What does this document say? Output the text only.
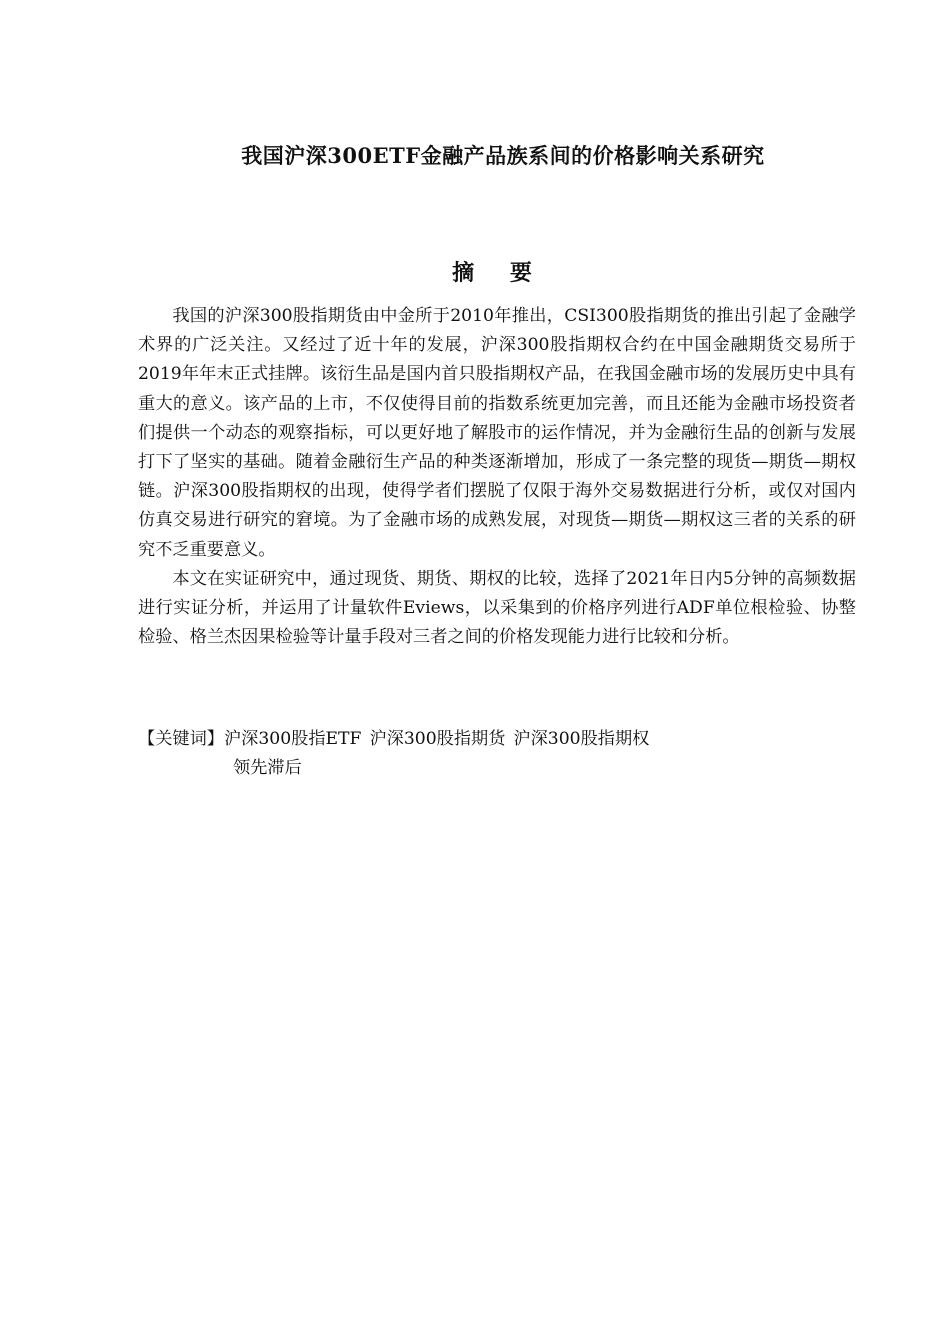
我国沪深300ETF金融产品族系间的价格影响关系研究
摘 要

我国的沪深300股指期货由中金所于2010年推出，CSI300股指期货的推出引起了金融学术界的广泛关注。又经过了近十年的发展，沪深300股指期权合约在中国金融期货交易所于2019年年末正式挂牌。该衍生品是国内首只股指期权产品，在我国金融市场的发展历史中具有重大的意义。该产品的上市，不仅使得目前的指数系统更加完善，而且还能为金融市场投资者们提供一个动态的观察指标，可以更好地了解股市的运作情况，并为金融衍生品的创新与发展打下了坚实的基础。随着金融衍生产品的种类逐渐增加，形成了一条完整的现货—期货—期权链。沪深300股指期权的出现，使得学者们摆脱了仅限于海外交易数据进行分析，或仅对国内仿真交易进行研究的窘境。为了金融市场的成熟发展，对现货—期货—期权这三者的关系的研究不乏重要意义。

本文在实证研究中，通过现货、期货、期权的比较，选择了2021年日内5分钟的高频数据进行实证分析，并运用了计量软件Eviews，以采集到的价格序列进行ADF单位根检验、协整检验、格兰杰因果检验等计量手段对三者之间的价格发现能力进行比较和分析。

【关键词】沪深300股指ETF 沪深300股指期货 沪深300股指期权
领先滞后
